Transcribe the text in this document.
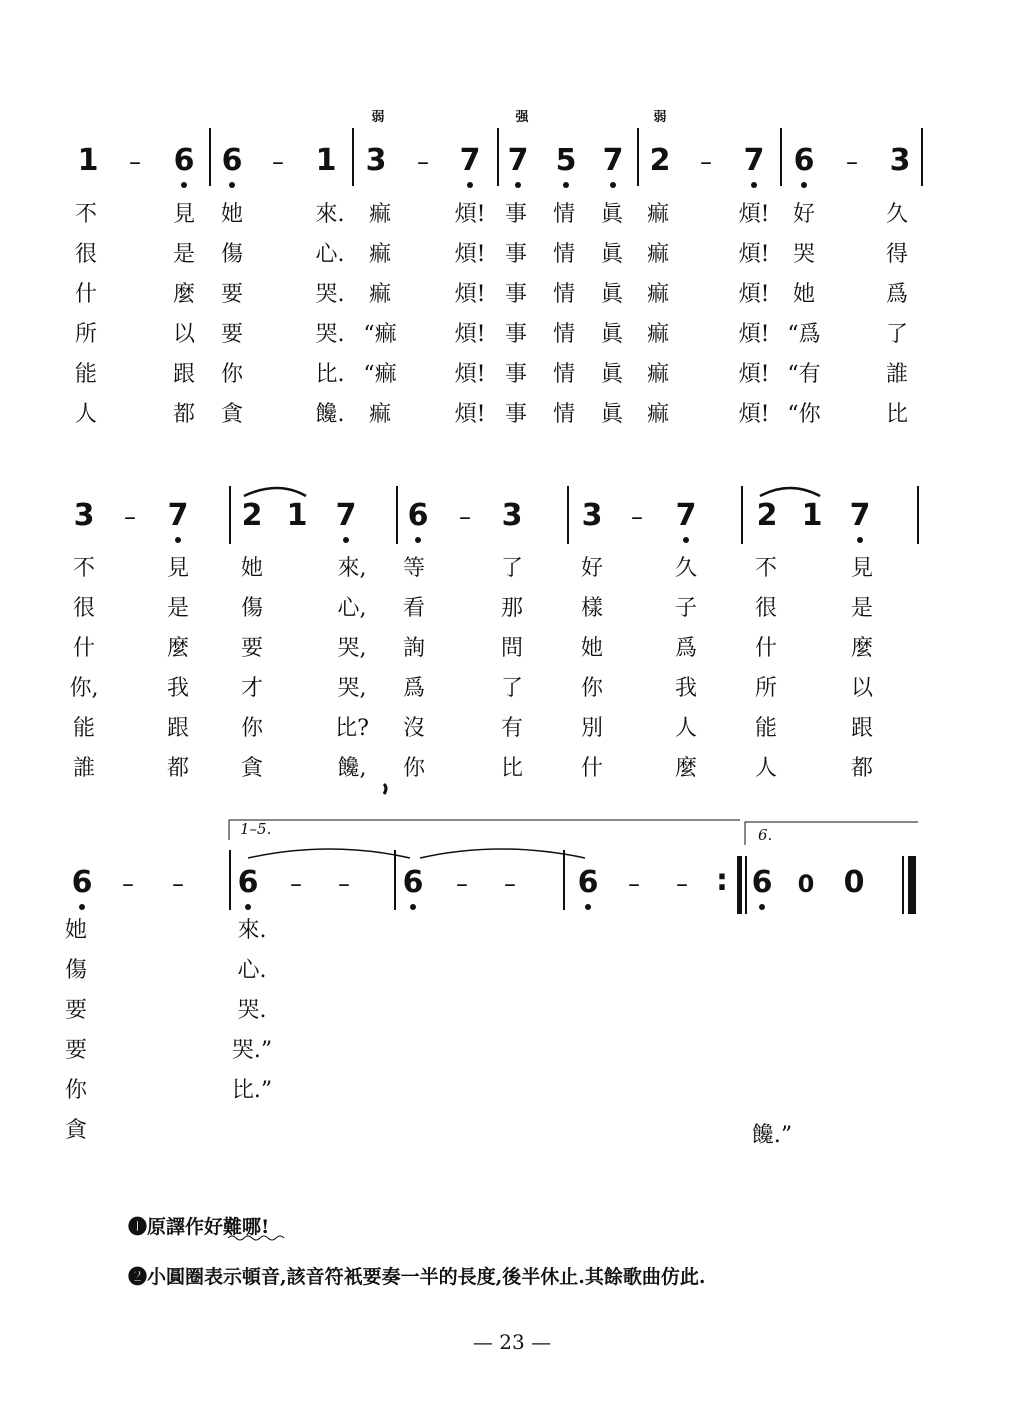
弱	强	弱
1 – 6 6 – 1 3 – 7 7 5 7 2 – 7 6 – 3
不	見 她	來. 痲	煩! 事 情 眞 痲	煩! 好	久
很	是 傷	心. 痲	煩! 事 情 眞 痲	煩! 哭	得
什	麼 要	哭. 痲	煩! 事 情 眞 痲	煩! 她	爲
所	以 要	哭. “痲	煩! 事 情 眞 痲	煩! “爲	了
能	跟 你	比. “痲	煩! 事 情 眞 痲	煩! “有	誰
人	都 貪	饞. 痲	煩! 事 情 眞 痲	煩! “你	比
3 – 7 2 1 7 6 – 3 3 – 7 2 1 7
不	見 她	來, 等	了	好	久	不	見
很	是 傷	心, 看	那	樣	子	很	是
什	麼 要	哭, 詢	問	她	爲	什	麼
你,	我 才	哭, 爲	了	你	我	所	以
能	跟 你	比? 沒	有	別	人	能	跟
誰	都 貪	饞, 你	比	什	麼	人	都
1–5.	6.
6 – – 6 – – 6 – – 6 – – : 6 0 0
她	來.
傷	心.
要	哭.
要	哭.”
你	比.”
貪	饞.”
❶原譯作好難哪!
❷小圓圈表示頓音,該音符衹要奏一半的長度,後半休止.其餘歌曲仿此.
— 23 —
